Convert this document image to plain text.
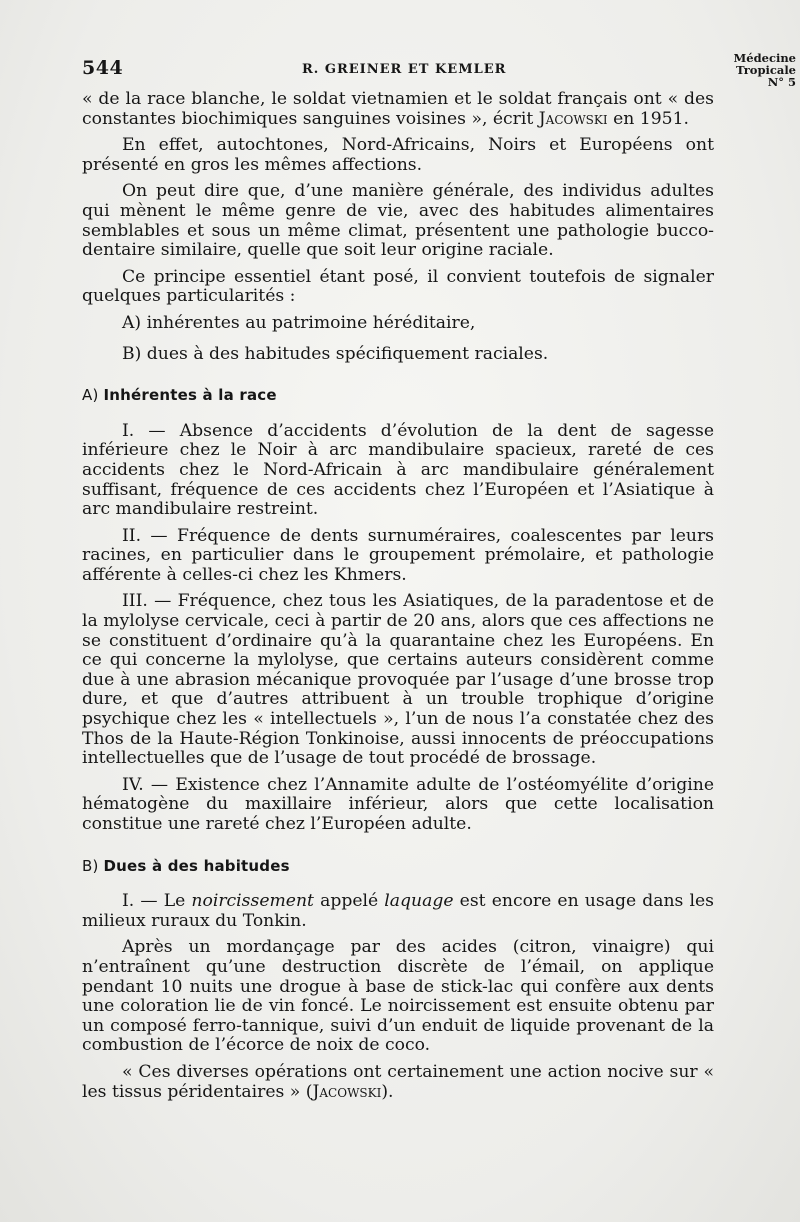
544	R. GREINER ET KEMLER
Médecine
Tropicale
N° 5

« de la race blanche, le soldat vietnamien et le soldat français ont « des constantes biochimiques sanguines voisines », écrit Jacowski en 1951.

En effet, autochtones, Nord-Africains, Noirs et Européens ont présenté en gros les mêmes affections.

On peut dire que, d’une manière générale, des individus adultes qui mènent le même genre de vie, avec des habitudes alimentaires semblables et sous un même climat, présentent une pathologie bucco-dentaire similaire, quelle que soit leur origine raciale.

Ce principe essentiel étant posé, il convient toutefois de signaler quelques particularités :

A) inhérentes au patrimoine héréditaire,

B) dues à des habitudes spécifiquement raciales.

A) Inhérentes à la race

I. — Absence d’accidents d’évolution de la dent de sagesse inférieure chez le Noir à arc mandibulaire spacieux, rareté de ces accidents chez le Nord-Africain à arc mandibulaire généralement suffisant, fréquence de ces accidents chez l’Européen et l’Asiatique à arc mandibulaire restreint.

II. — Fréquence de dents surnuméraires, coalescentes par leurs racines, en particulier dans le groupement prémolaire, et pathologie afférente à celles-ci chez les Khmers.

III. — Fréquence, chez tous les Asiatiques, de la paradentose et de la mylolyse cervicale, ceci à partir de 20 ans, alors que ces affections ne se constituent d’ordinaire qu’à la quarantaine chez les Européens. En ce qui concerne la mylolyse, que certains auteurs considèrent comme due à une abrasion mécanique provoquée par l’usage d’une brosse trop dure, et que d’autres attribuent à un trouble trophique d’origine psychique chez les « intellectuels », l’un de nous l’a constatée chez des Thos de la Haute-Région Tonkinoise, aussi innocents de préoccupations intellectuelles que de l’usage de tout procédé de brossage.

IV. — Existence chez l’Annamite adulte de l’ostéomyélite d’origine hématogène du maxillaire inférieur, alors que cette localisation constitue une rareté chez l’Européen adulte.

B) Dues à des habitudes

I. — Le noircissement appelé laquage est encore en usage dans les milieux ruraux du Tonkin.

Après un mordançage par des acides (citron, vinaigre) qui n’entraînent qu’une destruction discrète de l’émail, on applique pendant 10 nuits une drogue à base de stick-lac qui confère aux dents une coloration lie de vin foncé. Le noircissement est ensuite obtenu par un composé ferro-tannique, suivi d’un enduit de liquide provenant de la combustion de l’écorce de noix de coco.

« Ces diverses opérations ont certainement une action nocive sur « les tissus péridentaires » (Jacowski).
